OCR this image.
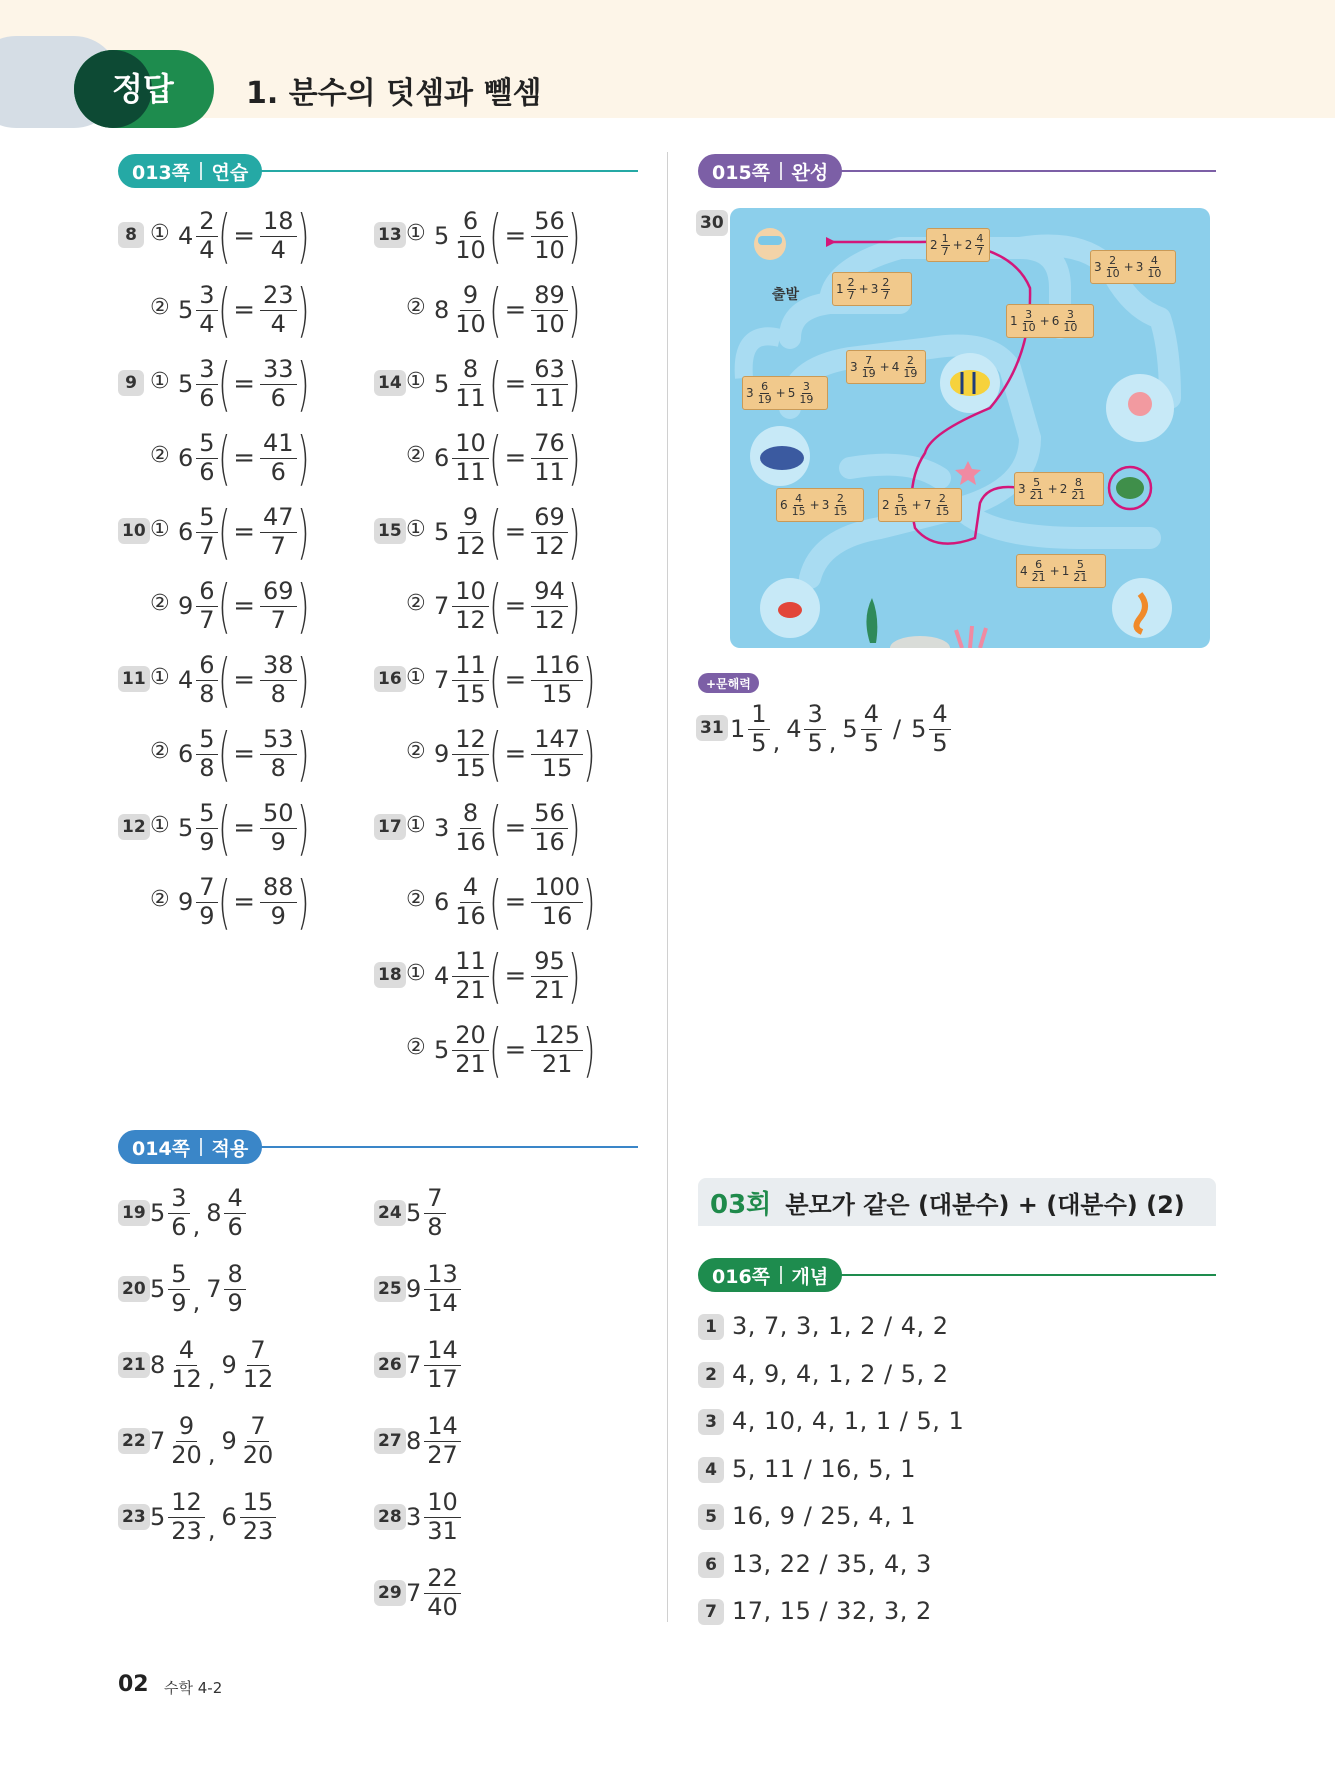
정답 1. 분수의 덧셈과 뺄셈
013쪽 연습
014쪽 적용
015쪽 완성
016쪽 개념
8 ① $4 \frac{2}{4}$ ( = $\frac{18}{4}$ )
② $5 \frac{3}{4}$ ( = $\frac{23}{4}$ )
9 ① $5 \frac{3}{6}$ ( = $\frac{33}{6}$ )
② $6 \frac{5}{6}$ ( = $\frac{41}{6}$ )
10 ① $6 \frac{5}{7}$ ( = $\frac{47}{7}$ )
② $9 \frac{6}{7}$ ( = $\frac{69}{7}$ )
11 ① $4 \frac{6}{8}$ ( = $\frac{38}{8}$ )
② $6 \frac{5}{8}$ ( = $\frac{53}{8}$ )
12 ① $5 \frac{5}{9}$ ( = $\frac{50}{9}$ )
② $9 \frac{7}{9}$ ( = $\frac{88}{9}$ )
13 ① $5 \frac{6}{10}$ ( = $\frac{56}{10}$ )
② $8 \frac{9}{10}$ ( = $\frac{89}{10}$ )
14 ① $5 \frac{8}{11}$ ( = $\frac{63}{11}$ )
② $6 \frac{10}{11}$ ( = $\frac{76}{11}$ )
15 ① $5 \frac{9}{12}$ ( = $\frac{69}{12}$ )
② $7 \frac{10}{12}$ ( = $\frac{94}{12}$ )
16 ① $7 \frac{11}{15}$ ( = $\frac{116}{15}$ )
② $9 \frac{12}{15}$ ( = $\frac{147}{15}$ )
17 ① $3 \frac{8}{16}$ ( = $\frac{56}{16}$ )
② $6 \frac{4}{16}$ ( = $\frac{100}{16}$ )
18 ① $4 \frac{11}{21}$ ( = $\frac{95}{21}$ )
② $5 \frac{20}{21}$ ( = $\frac{125}{21}$ )
19 $5 \frac{3}{6}$ , $8 \frac{4}{6}$
20 $5 \frac{5}{9}$ , $7 \frac{8}{9}$
21 $8 \frac{4}{12}$ , $9 \frac{7}{12}$
22 $7 \frac{9}{20}$ , $9 \frac{7}{20}$
23 $5 \frac{12}{23}$ , $6 \frac{15}{23}$
24 $5 \frac{7}{8}$
25 $9 \frac{13}{14}$
26 $7 \frac{14}{17}$
27 $8 \frac{14}{27}$
28 $3 \frac{10}{31}$
29 $7 \frac{22}{40}$
30
출발
$2 \frac{1}{7} + 2 \frac{4}{7}$
$3 \frac{2}{10} + 3 \frac{4}{10}$
$1 \frac{2}{7} + 3 \frac{2}{7}$
$1 \frac{3}{10} + 6 \frac{3}{10}$
$3 \frac{7}{19} + 4 \frac{2}{19}$
$3 \frac{6}{19} + 5 \frac{3}{19}$
$3 \frac{5}{21} + 2 \frac{8}{21}$
$6 \frac{4}{15} + 3 \frac{2}{15}$	$2 \frac{5}{15} + 7 \frac{2}{15}$
$4 \frac{6}{21} + 1 \frac{5}{21}$
+문해력
31 $1 \frac{1}{5}$ , $4 \frac{3}{5}$ , $5 \frac{4}{5} / 5 \frac{4}{5}$
03회 분모가 같은 (대분수) + (대분수) (2)
1 3, 7, 3, 1, 2 / 4, 2
2 4, 9, 4, 1, 2 / 5, 2
3 4, 10, 4, 1, 1 / 5, 1
4 5, 11 / 16, 5, 1
5 16, 9 / 25, 4, 1
6 13, 22 / 35, 4, 3
7 17, 15 / 32, 3, 2
02 수학 4-2
